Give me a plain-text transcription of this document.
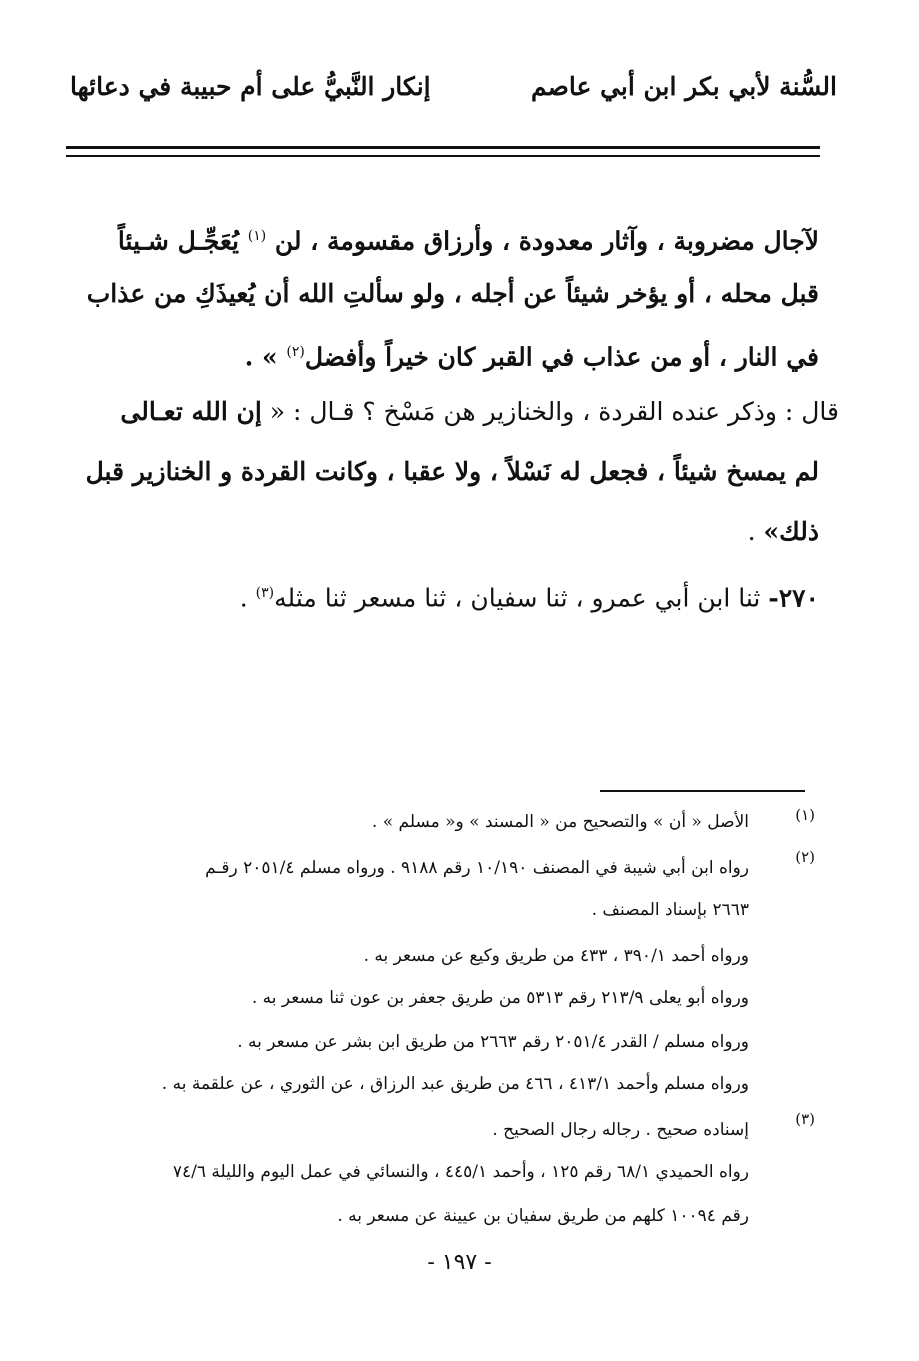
السُّنة لأبي بكر ابن أبي عاصم
إنكار النَّبيُّ على أم حبيبة في دعائها
لآجال مضروبة ، وآثار معدودة ، وأرزاق مقسومة ، لن $^{(١)}$ يُعَجِّـل شـيئاً
قبل محله ، أو يؤخر شيئاً عن أجله ، ولو سألتِ الله أن يُعيذَكِ من عذاب
في النار ، أو من عذاب في القبر كان خيراً وأفضل$^{(٢)}$ » .
قال : وذكر عنده القردة ، والخنازير هن مَسْخ ؟ قـال : « إن الله تعـالى
لم يمسخ شيئاً ، فجعل له نَسْلاً ، ولا عقبا ، وكانت القردة و الخنازير قبل
ذلك» .
٢٧٠- ثنا ابن أبي عمرو ، ثنا سفيان ، ثنا مسعر ثنا مثله$^{(٣)}$ .
(١)
الأصل « أن » والتصحيح من « المسند » و« مسلم » .
(٢)
رواه ابن أبي شيبة في المصنف ١٠/١٩٠ رقم ٩١٨٨ . ورواه مسلم ٢٠٥١/٤ رقـم
٢٦٦٣ بإسناد المصنف .
ورواه أحمد ٣٩٠/١ ، ٤٣٣ من طريق وكيع عن مسعر به .
ورواه أبو يعلى ٢١٣/٩ رقم ٥٣١٣ من طريق جعفر بن عون ثنا مسعر به .
ورواه مسلم / القدر ٢٠٥١/٤ رقم ٢٦٦٣ من طريق ابن بشر عن مسعر به .
ورواه مسلم وأحمد ٤١٣/١ ، ٤٦٦ من طريق عبد الرزاق ، عن الثوري ، عن علقمة به .
(٣)
إسناده صحيح . رجاله رجال الصحيح .
رواه الحميدي ٦٨/١ رقم ١٢٥ ، وأحمد ٤٤٥/١ ، والنسائي في عمل اليوم والليلة ٧٤/٦
رقم ١٠٠٩٤ كلهم من طريق سفيان بن عيينة عن مسعر به .
- ١٩٧ -
